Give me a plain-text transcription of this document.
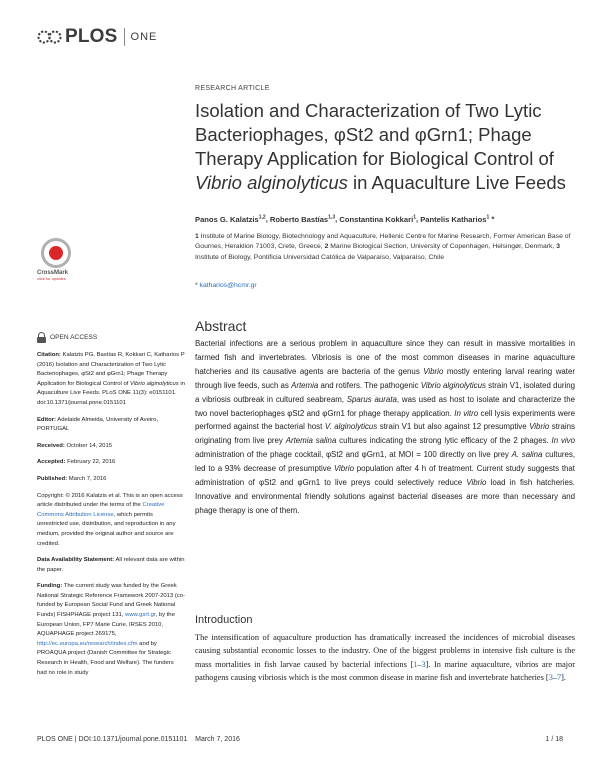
PLOS ONE
RESEARCH ARTICLE
Isolation and Characterization of Two Lytic Bacteriophages, φSt2 and φGrn1; Phage Therapy Application for Biological Control of Vibrio alginolyticus in Aquaculture Live Feeds
Panos G. Kalatzis$^{1,2}$, Roberto Bastías$^{1,3}$, Constantina Kokkari$^1$, Pantelis Katharios$^1$ *
1 Institute of Marine Biology, Biotechnology and Aquaculture, Hellenic Centre for Marine Research, Former American Base of Gournes, Heraklion 71003, Crete, Greece, 2 Marine Biological Section, University of Copenhagen, Helsingør, Denmark, 3 Institute of Biology, Pontificia Universidad Católica de Valparaíso, Valparaíso, Chile
* katharios@hcmr.gr
CrossMark
click for updates
OPEN ACCESS
Citation: Kalatzis PG, Bastías R, Kokkari C, Katharios P (2016) Isolation and Characterization of Two Lytic Bacteriophages, φSt2 and φGrn1; Phage Therapy Application for Biological Control of Vibrio alginolyticus in Aquaculture Live Feeds. PLoS ONE 11(3): e0151101. doi:10.1371/journal.pone.0151101
Editor: Adelaide Almeida, University of Aveiro, PORTUGAL
Received: October 14, 2015
Accepted: February 22, 2016
Published: March 7, 2016
Copyright: © 2016 Kalatzis et al. This is an open access article distributed under the terms of the Creative Commons Attribution License, which permits unrestricted use, distribution, and reproduction in any medium, provided the original author and source are credited.
Data Availability Statement: All relevant data are within the paper.
Funding: The current study was funded by the Greek National Strategic Reference Framework 2007-2013 (co-funded by European Social Fund and Greek National Funds) FISHPHAGE project 131, www.gsrt.gr, by the European Union, FP7 Marie Curie, IRSES 2010, AQUAPHAGE project 269175, http://ec.europa.eu/research/index.cfm and by PROAQUA project (Danish Committee for Strategic Research in Health, Food and Welfare). The funders had no role in study
Abstract

Bacterial infections are a serious problem in aquaculture since they can result in massive mortalities in farmed fish and invertebrates. Vibriosis is one of the most common diseases in marine aquaculture hatcheries and its causative agents are bacteria of the genus Vibrio mostly entering larval rearing water through live feeds, such as Artemia and rotifers. The pathogenic Vibrio alginolyticus strain V1, isolated during a vibriosis outbreak in cultured seabream, Sparus aurata, was used as host to isolate and characterize the two novel bacteriophages φSt2 and φGrn1 for phage therapy application. In vitro cell lysis experiments were performed against the bacterial host V. alginolyticus strain V1 but also against 12 presumptive Vibrio strains originating from live prey Artemia salina cultures indicating the strong lytic efficacy of the 2 phages. In vivo administration of the phage cocktail, φSt2 and φGrn1, at MOI = 100 directly on live prey A. salina cultures, led to a 93% decrease of presumptive Vibrio population after 4 h of treatment. Current study suggests that administration of φSt2 and φGrn1 to live preys could selectively reduce Vibrio load in fish hatcheries. Innovative and environmental friendly solutions against bacterial diseases are more than necessary and phage therapy is one of them.

Introduction

The intensification of aquaculture production has dramatically increased the incidences of microbial diseases causing substantial economic losses to the industry. One of the biggest problems in intensive fish culture is the mass mortalities in fish larvae caused by bacterial infections [1–3]. In marine aquaculture, vibrios are major pathogens causing vibriosis which is the most common disease in marine fish and invertebrate hatcheries [3–7].

PLOS ONE | DOI:10.1371/journal.pone.0151101    March 7, 2016	1 / 18
